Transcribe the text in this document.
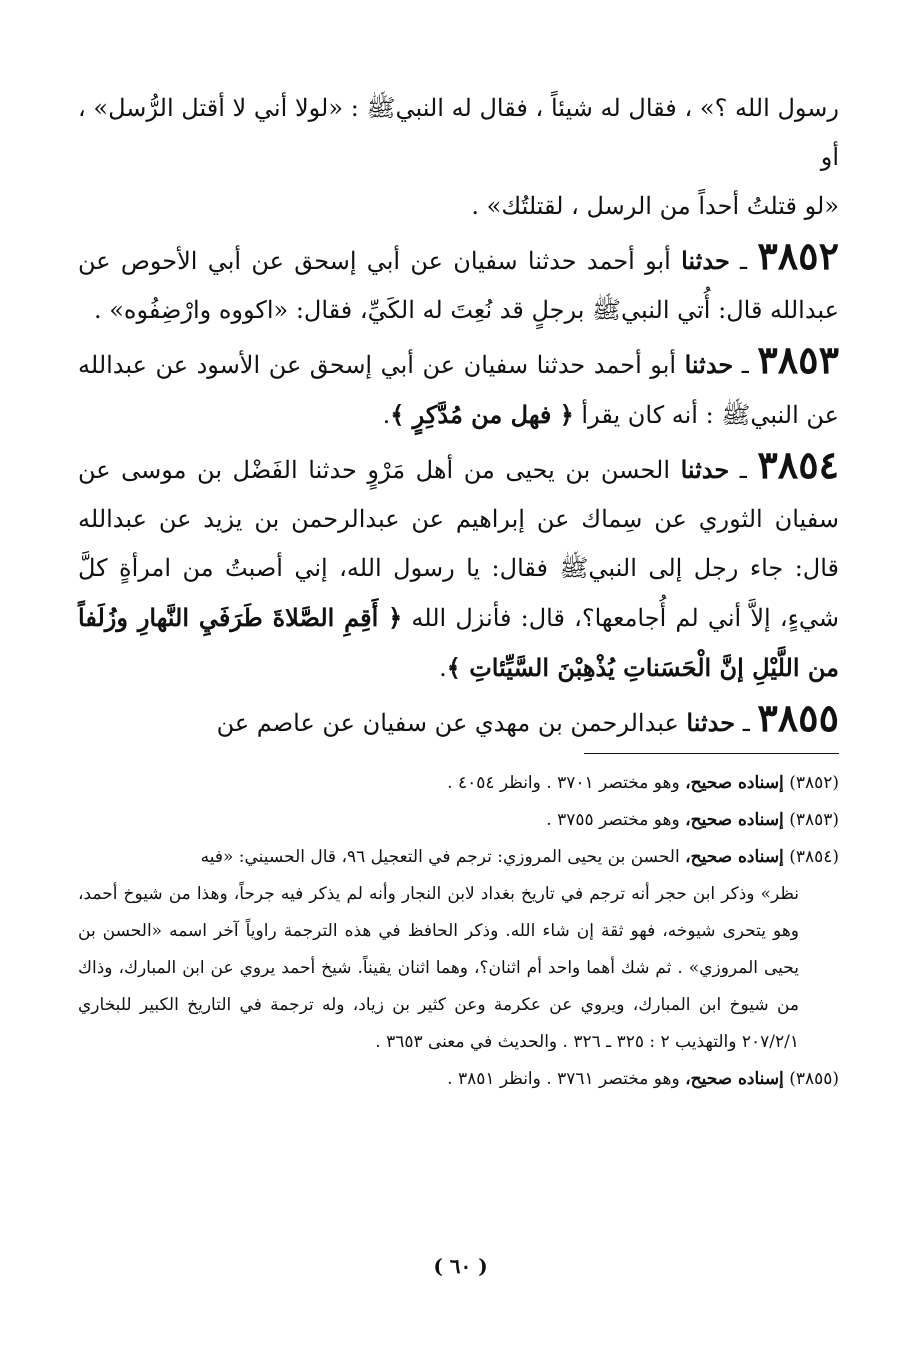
رسول الله ؟» ، فقال له شيئاً ، فقال له النبيﷺ : «لولا أني لا أقتل الرُّسل» ، أو
«لو قتلتُ أحداً من الرسل ، لقتلتُك» .

٣٨٥٢ ـ حدثنا أبو أحمد حدثنا سفيان عن أبي إسحق عن أبي الأحوص عن عبدالله قال: أُتي النبيﷺ برجلٍ قد نُعِتَ له الكَيِّ، فقال: «اكووه وارْضِفُوه» .

٣٨٥٣ ـ حدثنا أبو أحمد حدثنا سفيان عن أبي إسحق عن الأسود عن عبدالله عن النبيﷺ : أنه كان يقرأ ﴿ فهل من مُدَّكِرٍ ﴾.

٣٨٥٤ ـ حدثنا الحسن بن يحيى من أهل مَرْوٍ حدثنا الفَضْل بن موسى عن سفيان الثوري عن سِماك عن إبراهيم عن عبدالرحمن بن يزيد عن عبدالله قال: جاء رجل إلى النبيﷺ فقال: يا رسول الله، إني أصبتُ من امرأةٍ كلَّ شيءٍ، إلاَّ أني لم أُجامعها؟، قال: فأنزل الله ﴿ أَقِمِ الصَّلاةَ طَرَفَيِ النَّهارِ وزُلَفاً من اللَّيْلِ إنَّ الْحَسَناتِ يُذْهِبْنَ السَّيِّئاتِ ﴾.

٣٨٥٥ ـ حدثنا عبدالرحمن بن مهدي عن سفيان عن عاصم عن

(٣٨٥٢) إسناده صحيح، وهو مختصر ٣٧٠١ . وانظر ٤٠٥٤ .

(٣٨٥٣) إسناده صحيح، وهو مختصر ٣٧٥٥ .

(٣٨٥٤) إسناده صحيح، الحسن بن يحيى المروزي: ترجم في التعجيل ٩٦، قال الحسيني: «فيه

نظر» وذكر ابن حجر أنه ترجم في تاريخ بغداد لابن النجار وأنه لم يذكر فيه جرحاً، وهذا من شيوخ أحمد، وهو يتحرى شيوخه، فهو ثقة إن شاء الله. وذكر الحافظ في هذه الترجمة راوياً آخر اسمه «الحسن بن يحيى المروزي» . ثم شك أهما واحد أم اثنان؟، وهما اثنان يقيناً. شيخ أحمد يروي عن ابن المبارك، وذاك من شيوخ ابن المبارك، ويروي عن عكرمة وعن كثير بن زياد، وله ترجمة في التاريخ الكبير للبخاري ٢٠٧/٢/١ والتهذيب ٢ : ٣٢٥ ـ ٣٢٦ . والحديث في معنى ٣٦٥٣ .

(٣٨٥٥) إسناده صحيح، وهو مختصر ٣٧٦١ . وانظر ٣٨٥١ .

( ٦٠ )
